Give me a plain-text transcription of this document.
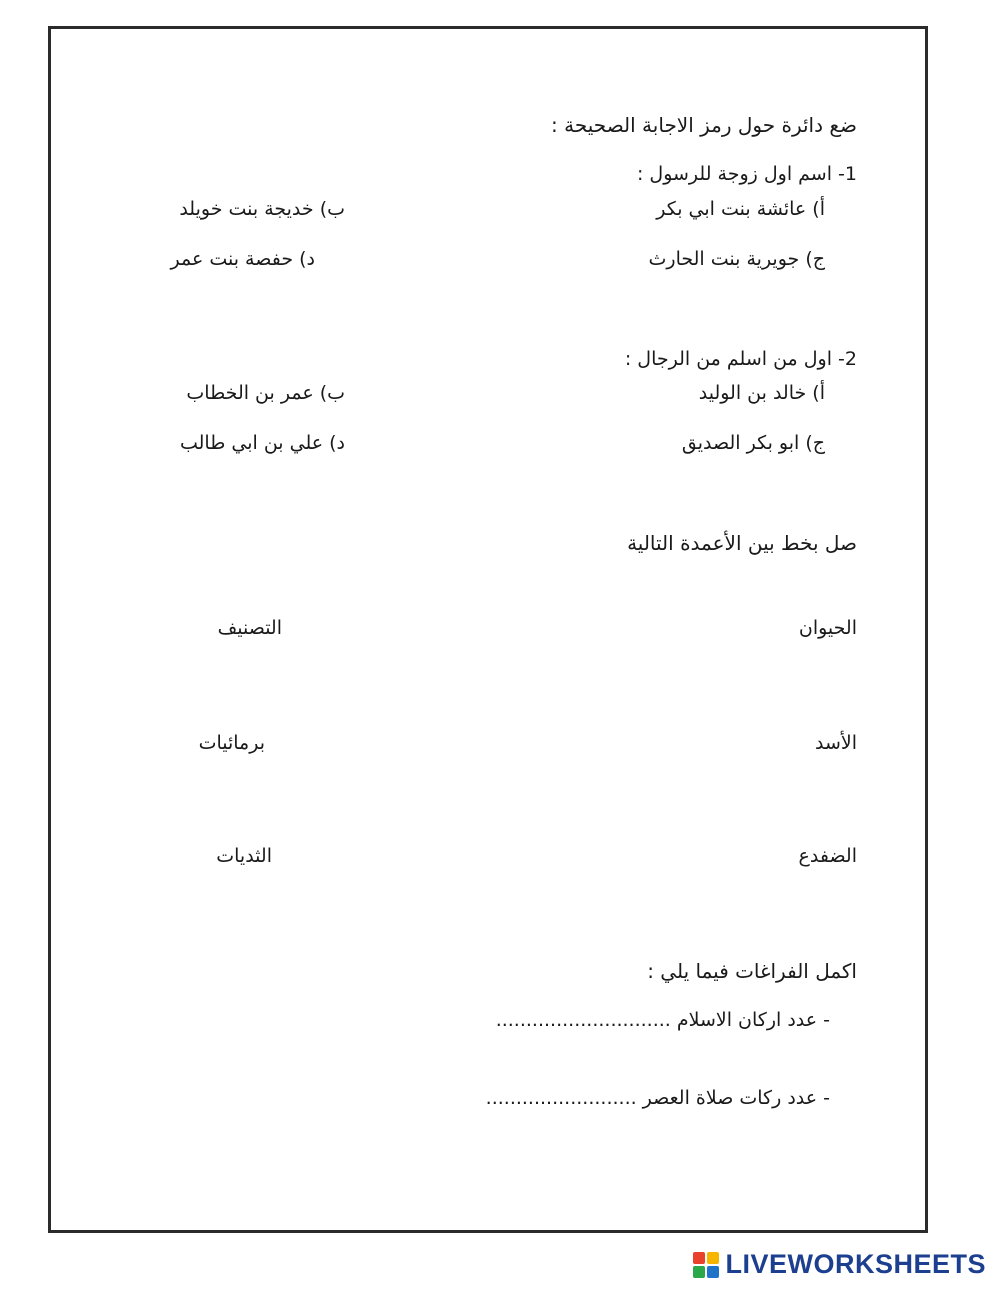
ضع دائرة حول رمز الاجابة الصحيحة :
1- اسم اول زوجة للرسول :
أ) عائشة بنت ابي بكر
ب) خديجة بنت خويلد
ج) جويرية بنت الحارث
د) حفصة بنت عمر
2- اول من اسلم من الرجال :
أ) خالد بن الوليد
ب) عمر بن الخطاب
ج) ابو بكر الصديق
د) علي بن ابي طالب
صل بخط بين الأعمدة التالية
الحيوان
التصنيف
الأسد
برمائيات
الضفدع
الثديات
اكمل الفراغات فيما يلي :
- عدد اركان الاسلام .............................
- عدد ركات صلاة العصر .........................
LIVEWORKSHEETS
